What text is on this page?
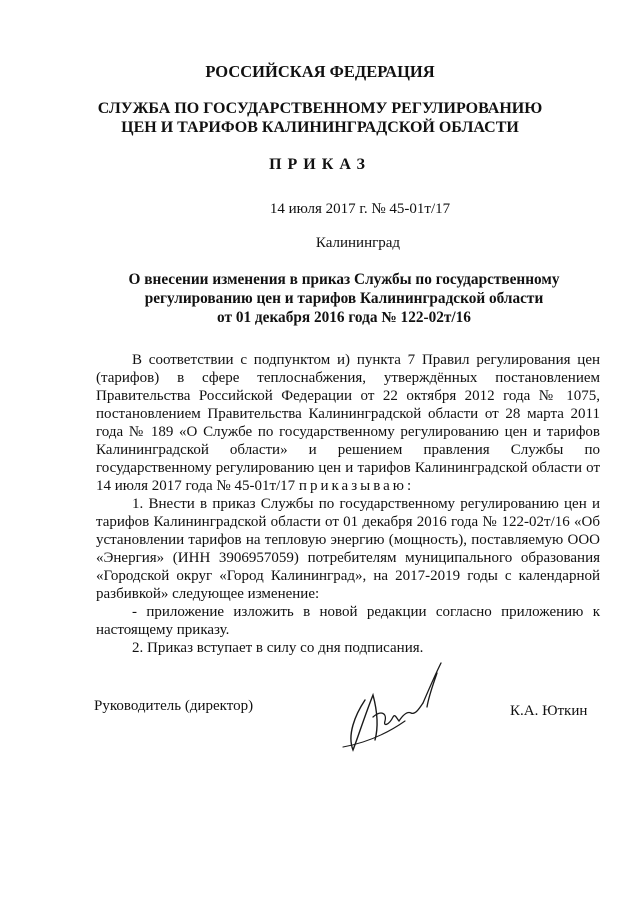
РОССИЙСКАЯ ФЕДЕРАЦИЯ
СЛУЖБА ПО ГОСУДАРСТВЕННОМУ РЕГУЛИРОВАНИЮ
ЦЕН И ТАРИФОВ КАЛИНИНГРАДСКОЙ ОБЛАСТИ
ПРИКАЗ
14 июля 2017 г. № 45-01т/17
Калининград
О внесении изменения в приказ Службы по государственному
регулированию цен и тарифов Калининградской области
от 01 декабря 2016 года № 122-02т/16

В соответствии с подпунктом и) пункта 7 Правил регулирования цен (тарифов) в сфере теплоснабжения, утверждённых постановлением Правительства Российской Федерации от 22 октября 2012 года № 1075, постановлением Правительства Калининградской области от 28 марта 2011 года № 189 «О Службе по государственному регулированию цен и тарифов Калининградской области» и решением правления Службы по государственному регулированию цен и тарифов Калининградской области от 14 июля 2017 года № 45-01т/17 приказываю:

1. Внести в приказ Службы по государственному регулированию цен и тарифов Калининградской области от 01 декабря 2016 года № 122-02т/16 «Об установлении тарифов на тепловую энергию (мощность), поставляемую ООО «Энергия» (ИНН 3906957059) потребителям муниципального образования «Городской округ «Город Калининград», на 2017-2019 годы с календарной разбивкой» следующее изменение:

- приложение изложить в новой редакции согласно приложению к настоящему приказу.

2. Приказ вступает в силу со дня подписания.

Руководитель (директор)	К.А. Юткин
